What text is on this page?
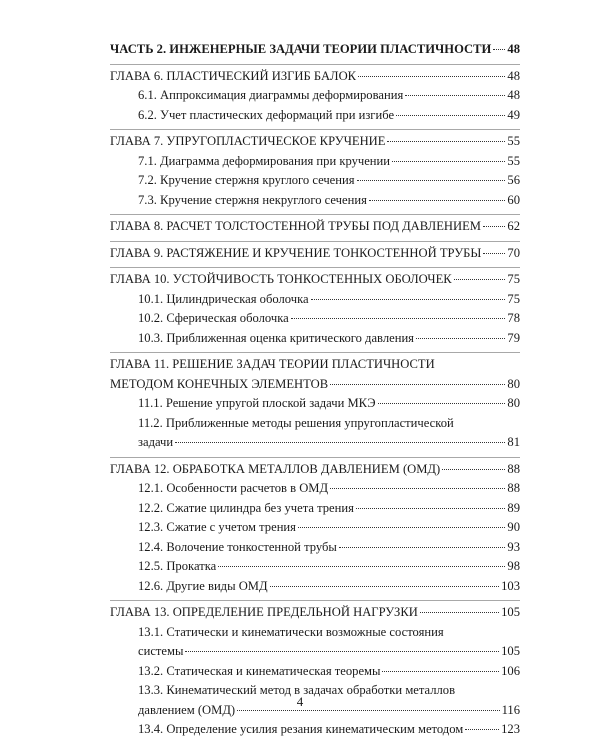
ЧАСТЬ 2. ИНЖЕНЕРНЫЕ ЗАДАЧИ ТЕОРИИ ПЛАСТИЧНОСТИ 48
ГЛАВА 6. ПЛАСТИЧЕСКИЙ ИЗГИБ БАЛОК	48
6.1. Аппроксимация диаграммы деформирования	48
6.2. Учет пластических деформаций при изгибе	49
ГЛАВА 7. УПРУГОПЛАСТИЧЕСКОЕ КРУЧЕНИЕ	55
7.1. Диаграмма деформирования при кручении	55
7.2. Кручение стержня круглого сечения	56
7.3. Кручение стержня некруглого сечения	60
ГЛАВА 8. РАСЧЕТ ТОЛСТОСТЕННОЙ ТРУБЫ ПОД ДАВЛЕНИЕМ 62
ГЛАВА 9. РАСТЯЖЕНИЕ И КРУЧЕНИЕ ТОНКОСТЕННОЙ ТРУБЫ 70
ГЛАВА 10. УСТОЙЧИВОСТЬ ТОНКОСТЕННЫХ ОБОЛОЧЕК	75
10.1. Цилиндрическая оболочка	75
10.2. Сферическая оболочка	78
10.3. Приближенная оценка критического давления	79
ГЛАВА 11. РЕШЕНИЕ ЗАДАЧ ТЕОРИИ ПЛАСТИЧНОСТИ
МЕТОДОМ КОНЕЧНЫХ ЭЛЕМЕНТОВ	80
11.1. Решение упругой плоской задачи МКЭ	80
11.2. Приближенные методы решения упругопластической
задачи	81
ГЛАВА 12. ОБРАБОТКА МЕТАЛЛОВ ДАВЛЕНИЕМ (ОМД)	88
12.1. Особенности расчетов в ОМД	88
12.2. Сжатие цилиндра без учета трения	89
12.3. Сжатие с учетом трения	90
12.4. Волочение тонкостенной трубы	93
12.5. Прокатка	98
12.6. Другие виды ОМД	103
ГЛАВА 13. ОПРЕДЕЛЕНИЕ ПРЕДЕЛЬНОЙ НАГРУЗКИ	105
13.1. Статически и кинематически возможные состояния
системы	105
13.2. Статическая и кинематическая теоремы	106
13.3. Кинематический метод в задачах обработки металлов
давлением (ОМД)	116
13.4. Определение усилия резания кинематическим методом	123
4
